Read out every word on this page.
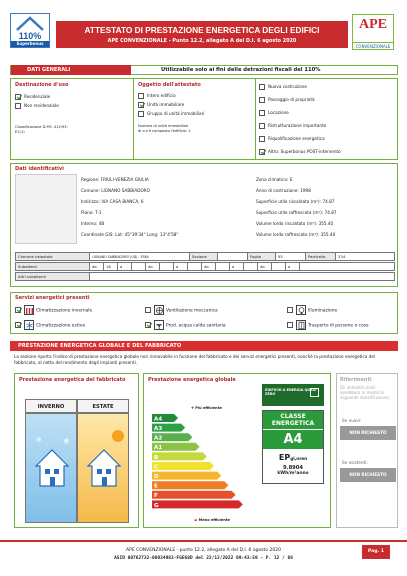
110%
Superbonus
ATTESTATO DI PRESTAZIONE ENERGETICA DEGLI EDIFICI
APE CONVENZIONALE - Punto 12.2, allegato A del D.I. 6 agosto 2020
APE
CONVENZIONALE
DATI GENERALI	Utilizzabile solo ai fini delle detrazioni fiscali del 110%
Destinazione d'uso
Residenziale
Non residenziale
Classificazione D.P.R. 412/93:
E1(1)
Oggetto dell'attestato
Intero edificio
Unità immobiliare
Gruppo di unità immobiliari
Numero di unità immobiliari
di cui è composto l'edificio: 1
Nuova costruzione
Passaggio di proprietà
Locazione
Ristrutturazione importante
Riqualificazione energetica
Altro: Superbonus POST-intervento
Dati identificativi
Regione: FRIULI-VENEZIA GIULIA
Comune: LIGNANO SABBIADORO
Indirizzo: VIA CASA BIANCA, 6
Piano: T-1
Interno: 4B
Coordinate GIS: Lat: 45°39'34" Long: 13°4'58"
Zona climatica: E
Anno di costruzione: 1998
Superficie utile riscaldata (m²): 74.87
Superficie utile raffrescata (m²): 74.87
Volume lordo riscaldato (m³): 355.40
Volume lordo raffrescato (m³): 355.40
Comune catastale	LIGNANO SABBIADORO (UD) - E584	Sezione		Foglio	55	Particella	234
Subalterni	da	16	a		da		a		da		a		da		a	
Altri subalterni	
Servizi energetici presenti
Climatizzazione invernale	Ventilazione meccanica	Illuminazione
Climatizzazione estiva	Prod. acqua calda sanitaria	Trasporto di persone o cose
PRESTAZIONE ENERGETICA GLOBALE E DEL FABBRICATO
La sezione riporta l'indice di prestazione energetica globale non rinnovabile in funzione del fabbricato e dei servizi energetici presenti, nonché la prestazione energetica del fabbricato, al netto del rendimento degli impianti presenti.
Prestazione energetica del fabbricato
INVERNO	ESTATE
❄
❄
Prestazione energetica globale
✚ Più efficiente
A4
A3
A2
A1
B
C
D
E
F
G
▬ Meno efficiente
EDIFICIO A ENERGIA QUASI ZERO
CLASSE ENERGETICA
A4
EPgl,nren
9.8904
kWh/m²anno
Riferimenti
Gli immobili simili avrebbero in media la seguente classificazione:
Se nuovi:
NON RICHIESTO
Se esistenti:
NON RICHIESTO
APE CONVENZIONALE - punto 12.2, allegato A del D.I. 6 agosto 2020
ASID 00762732-00834983-FGE68D del 22/12/2022 09:43:59 - P. 12 / 86
Pag. 1
